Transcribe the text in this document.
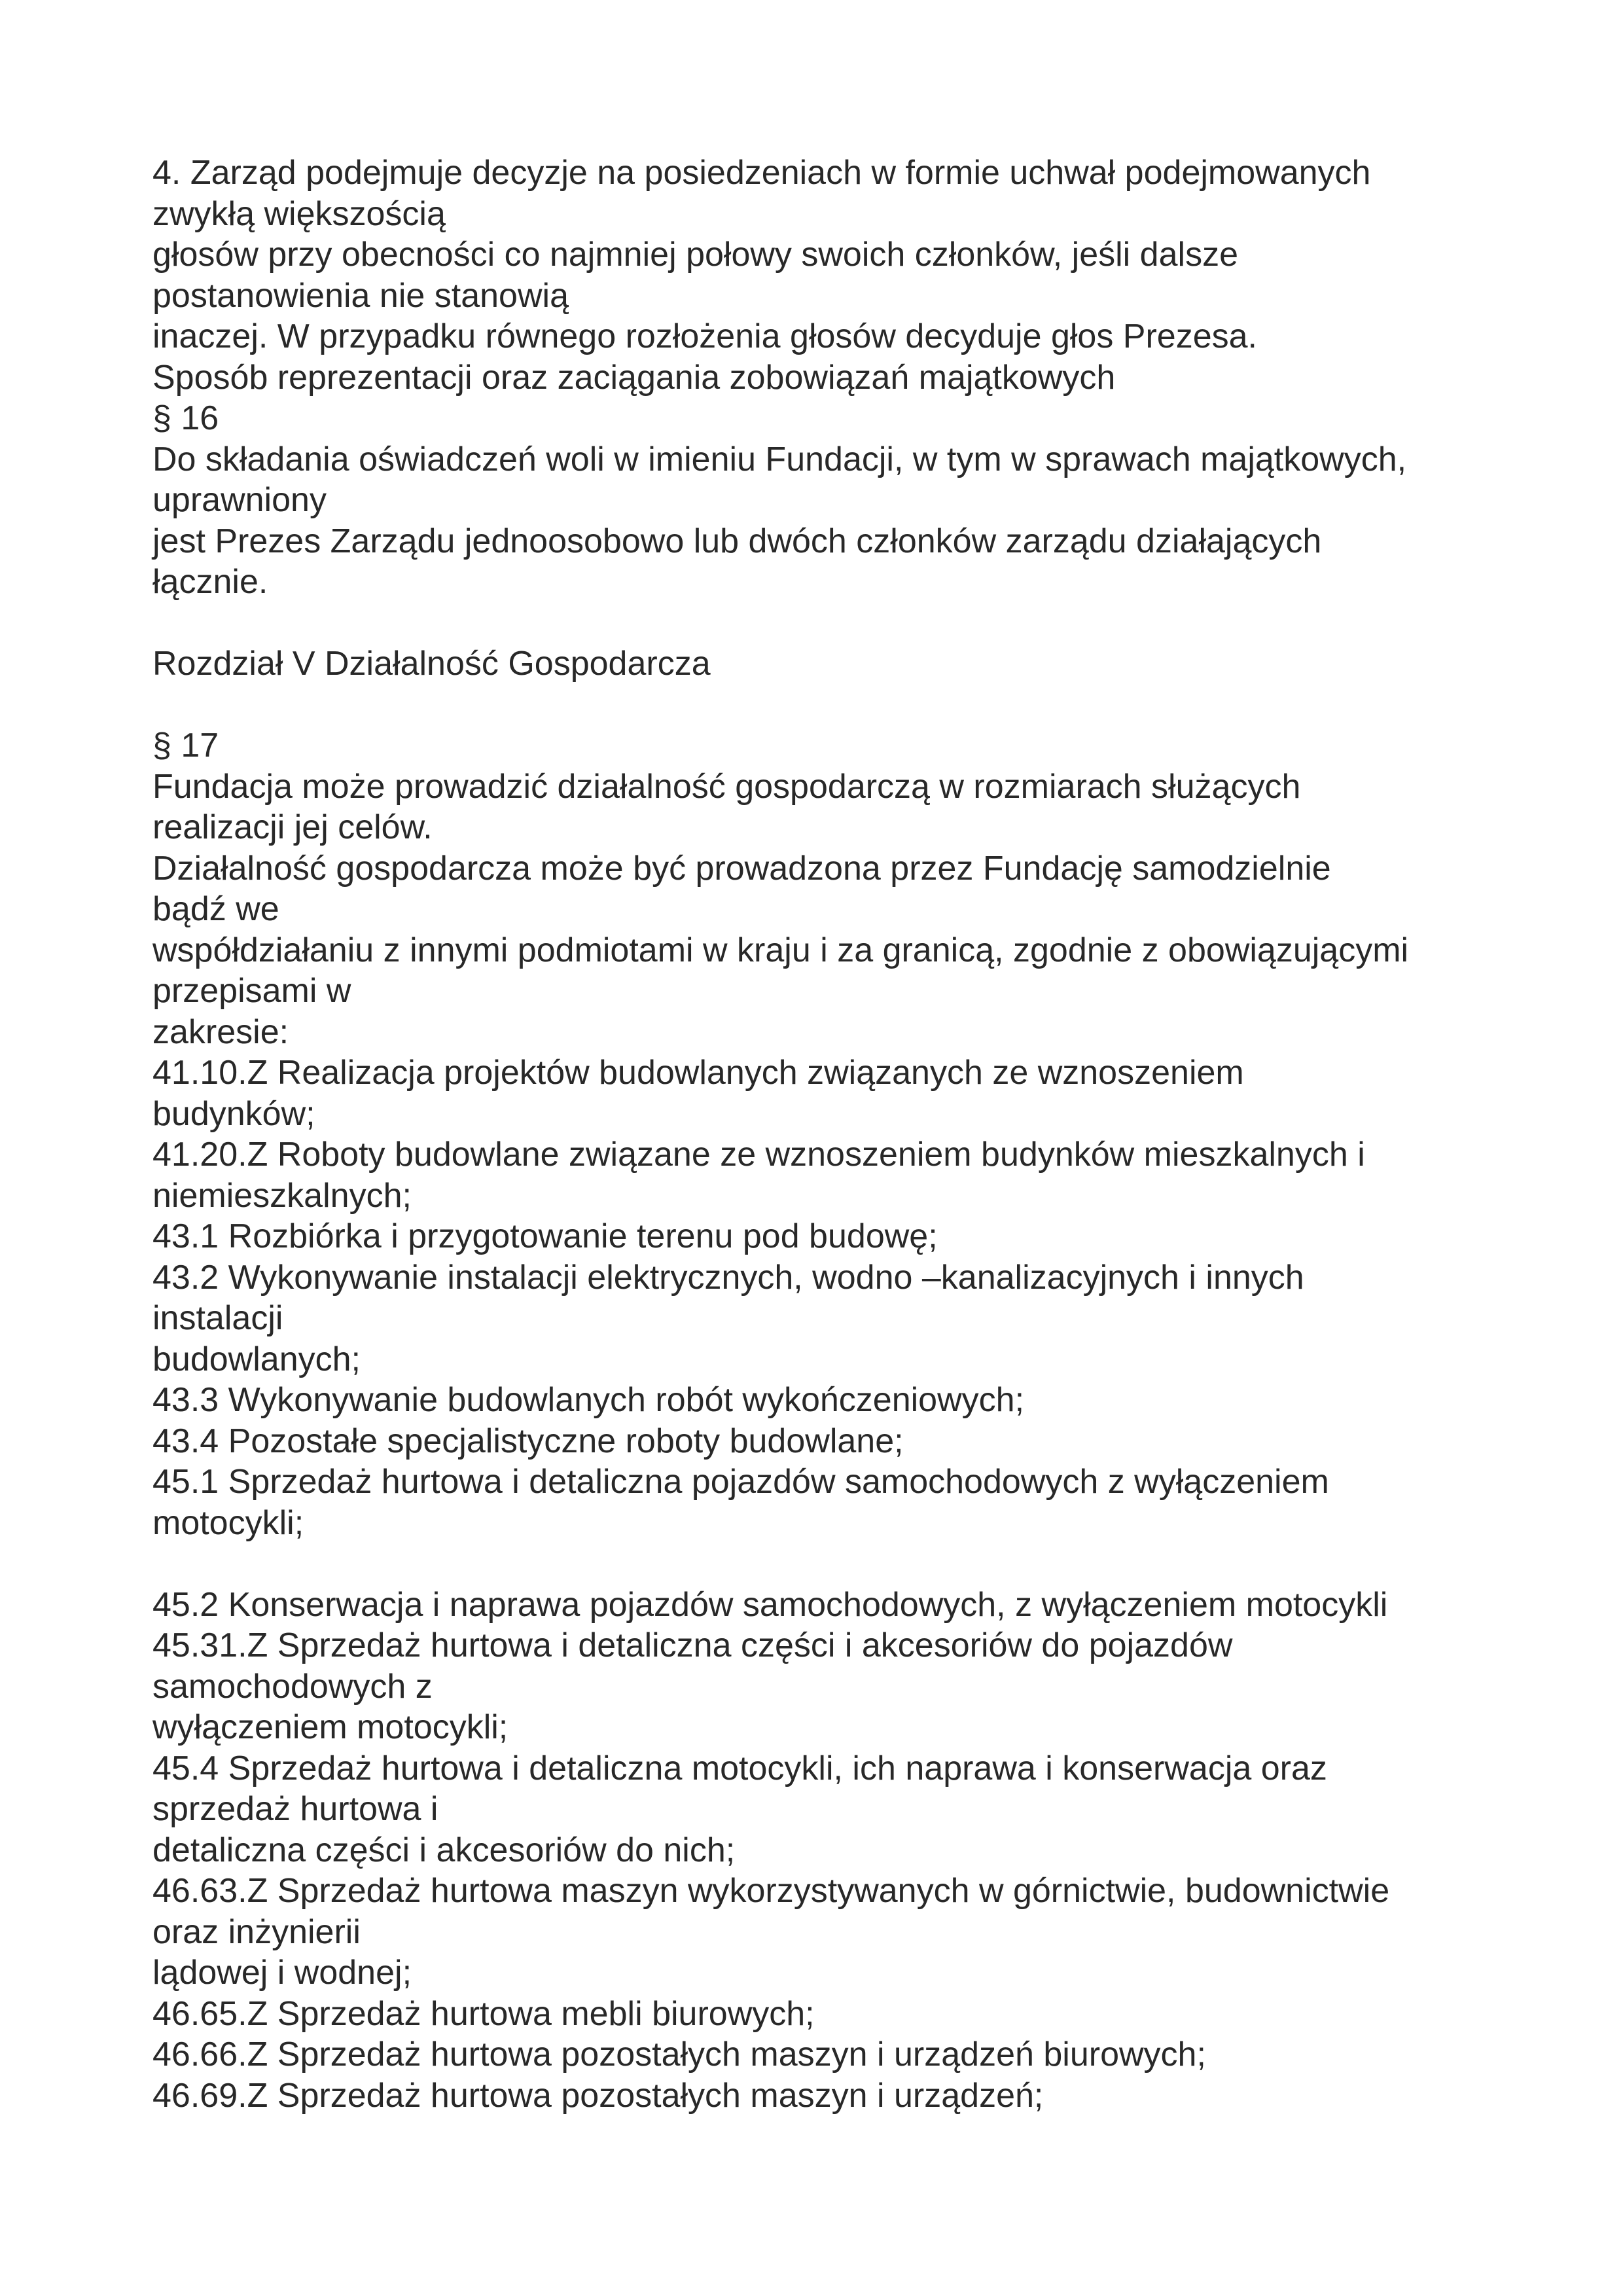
4. Zarząd podejmuje decyzje na posiedzeniach w formie uchwał podejmowanych
zwykłą większością
głosów przy obecności co najmniej połowy swoich członków, jeśli dalsze
postanowienia nie stanowią
inaczej. W przypadku równego rozłożenia głosów decyduje głos Prezesa.
Sposób reprezentacji oraz zaciągania zobowiązań majątkowych
§ 16
Do składania oświadczeń woli w imieniu Fundacji, w tym w sprawach majątkowych,
uprawniony
jest Prezes Zarządu jednoosobowo lub dwóch członków zarządu działających
łącznie.

Rozdział V Działalność Gospodarcza

§ 17
Fundacja może prowadzić działalność gospodarczą w rozmiarach służących
realizacji jej celów.
Działalność gospodarcza może być prowadzona przez Fundację samodzielnie
bądź we
współdziałaniu z innymi podmiotami w kraju i za granicą, zgodnie z obowiązującymi
przepisami w
zakresie:
41.10.Z Realizacja projektów budowlanych związanych ze wznoszeniem
budynków;
41.20.Z Roboty budowlane związane ze wznoszeniem budynków mieszkalnych i
niemieszkalnych;
43.1 Rozbiórka i przygotowanie terenu pod budowę;
43.2 Wykonywanie instalacji elektrycznych, wodno –kanalizacyjnych i innych
instalacji
budowlanych;
43.3 Wykonywanie budowlanych robót wykończeniowych;
43.4 Pozostałe specjalistyczne roboty budowlane;
45.1 Sprzedaż hurtowa i detaliczna pojazdów samochodowych z wyłączeniem
motocykli;

45.2 Konserwacja i naprawa pojazdów samochodowych, z wyłączeniem motocykli
45.31.Z Sprzedaż hurtowa i detaliczna części i akcesoriów do pojazdów
samochodowych z
wyłączeniem motocykli;
45.4 Sprzedaż hurtowa i detaliczna motocykli, ich naprawa i konserwacja oraz
sprzedaż hurtowa i
detaliczna części i akcesoriów do nich;
46.63.Z Sprzedaż hurtowa maszyn wykorzystywanych w górnictwie, budownictwie
oraz inżynierii
lądowej i wodnej;
46.65.Z Sprzedaż hurtowa mebli biurowych;
46.66.Z Sprzedaż hurtowa pozostałych maszyn i urządzeń biurowych;
46.69.Z Sprzedaż hurtowa pozostałych maszyn i urządzeń;
